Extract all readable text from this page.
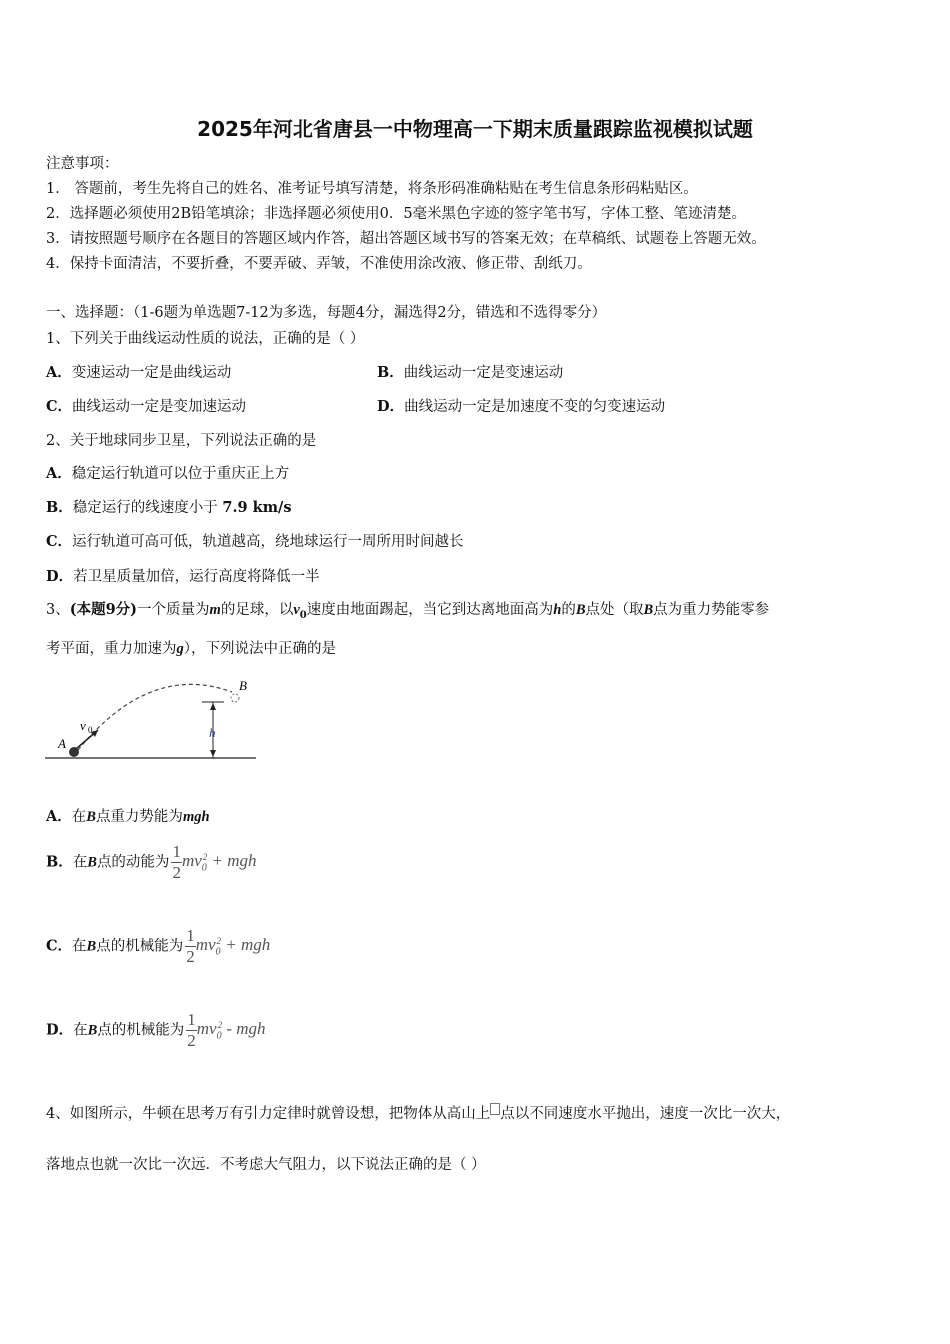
2025年河北省唐县一中物理高一下期末质量跟踪监视模拟试题
注意事项：
1． 答题前，考生先将自己的姓名、准考证号填写清楚，将条形码准确粘贴在考生信息条形码粘贴区。
2．选择题必须使用2B铅笔填涂；非选择题必须使用0．5毫米黑色字迹的签字笔书写，字体工整、笔迹清楚。
3．请按照题号顺序在各题目的答题区域内作答，超出答题区域书写的答案无效；在草稿纸、试题卷上答题无效。
4．保持卡面清洁，不要折叠，不要弄破、弄皱，不准使用涂改液、修正带、刮纸刀。
一、选择题：（1-6题为单选题7-12为多选，每题4分，漏选得2分，错选和不选得零分）
1、下列关于曲线运动性质的说法，正确的是（ ）
A．变速运动一定是曲线运动	B．曲线运动一定是变速运动
C．曲线运动一定是变加速运动	D．曲线运动一定是加速度不变的匀变速运动
2、关于地球同步卫星，下列说法正确的是
A．稳定运行轨道可以位于重庆正上方
B．稳定运行的线速度小于 7.9 km/s
C．运行轨道可高可低，轨道越高，绕地球运行一周所用时间越长
D．若卫星质量加倍，运行高度将降低一半
3、(本题9分)一个质量为m的足球，以$v_0$速度由地面踢起，当它到达离地面高为h的B点处（取B点为重力势能零参
考平面，重力加速为g），下列说法中正确的是
A
v 0
B
h
A．在B点重力势能为mgh
B．在B点的动能为 $\frac{1}{2} mv_0^2$ + mgh
C．在B点的机械能为 $\frac{1}{2} mv_0^2$ + mgh
D．在B点的机械能为 $\frac{1}{2} mv_0^2$ - mgh
4、如图所示，牛顿在思考万有引力定律时就曾设想，把物体从高山上 点以不同速度水平抛出，速度一次比一次大，
落地点也就一次比一次远．不考虑大气阻力，以下说法正确的是（ ）
